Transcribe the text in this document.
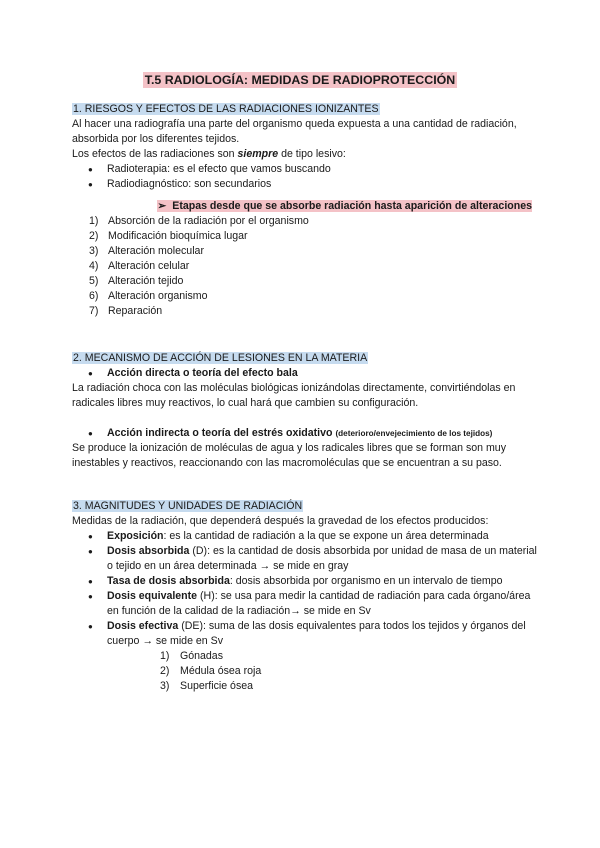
T.5 RADIOLOGÍA: MEDIDAS DE RADIOPROTECCIÓN

1. RIESGOS Y EFECTOS DE LAS RADIACIONES IONIZANTES

Al hacer una radiografía una parte del organismo queda expuesta a una cantidad de radiación, absorbida por los diferentes tejidos.

Los efectos de las radiaciones son siempre de tipo lesivo:

● Radioterapia: es el efecto que vamos buscando
● Radiodiagnóstico: son secundarios
➢ Etapas desde que se absorbe radiación hasta aparición de alteraciones
1) Absorción de la radiación por el organismo
2) Modificación bioquímica lugar
3) Alteración molecular
4) Alteración celular
5) Alteración tejido
6) Alteración organismo
7) Reparación

2. MECANISMO DE ACCIÓN DE LESIONES EN LA MATERIA

● Acción directa o teoría del efecto bala

La radiación choca con las moléculas biológicas ionizándolas directamente, convirtiéndolas en radicales libres muy reactivos, lo cual hará que cambien su configuración.

● Acción indirecta o teoría del estrés oxidativo (deterioro/envejecimiento de los tejidos)

Se produce la ionización de moléculas de agua y los radicales libres que se forman son muy inestables y reactivos, reaccionando con las macromoléculas que se encuentran a su paso.

3. MAGNITUDES Y UNIDADES DE RADIACIÓN

Medidas de la radiación, que dependerá después la gravedad de los efectos producidos:

● Exposición: es la cantidad de radiación a la que se expone un área determinada
● Dosis absorbida (D): es la cantidad de dosis absorbida por unidad de masa de un material o tejido en un área determinada → se mide en gray
● Tasa de dosis absorbida: dosis absorbida por organismo en un intervalo de tiempo
● Dosis equivalente (H): se usa para medir la cantidad de radiación para cada órgano/área en función de la calidad de la radiación→ se mide en Sv
● Dosis efectiva (DE): suma de las dosis equivalentes para todos los tejidos y órganos del cuerpo → se mide en Sv
1) Gónadas
2) Médula ósea roja
3) Superficie ósea
